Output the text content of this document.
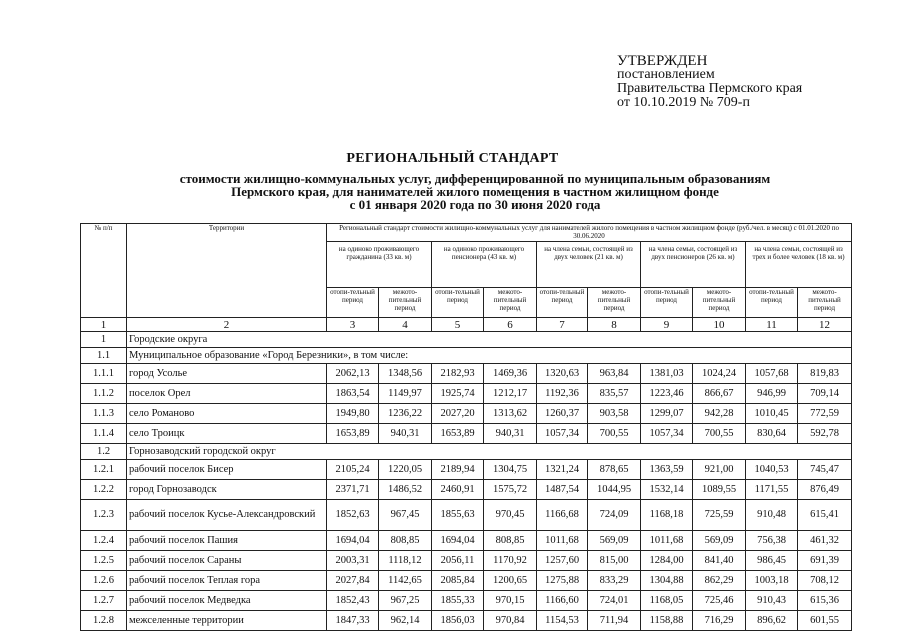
УТВЕРЖДЕН
постановлением
Правительства Пермского края
от 10.10.2019 № 709-п
РЕГИОНАЛЬНЫЙ СТАНДАРТ
стоимости жилищно-коммунальных услуг, дифференцированной по муниципальным образованиям
Пермского края, для нанимателей жилого помещения в частном жилищном фонде
с 01 января 2020 года по 30 июня 2020 года
№ п/п	Территории	Региональный стандарт стоимости жилищно-коммунальных услуг для нанимателей жилого помещения в частном жилищном фонде (руб./чел. в месяц) с 01.01.2020 по 30.06.2020									
		на одиноко проживающего гражданина (33 кв. м)		на одиноко проживающего пенсионера (43 кв. м)		на члена семьи, состоящей из двух человек (21 кв. м)		на члена семьи, состоящей из двух пенсионеров (26 кв. м)		на члена семьи, состоящей из трех и более человек (18 кв. м)	
		отопи-тельный период	межото-пительный период	отопи-тельный период	межото-пительный период	отопи-тельный период	межото-пительный период	отопи-тельный период	межото-пительный период	отопи-тельный период	межото-пительный период
1	2	3	4	5	6	7	8	9	10	11	12
1	Городские округа										
1.1	Муниципальное образование «Город Березники», в том числе:										
1.1.1	город Усолье	2062,13	1348,56	2182,93	1469,36	1320,63	963,84	1381,03	1024,24	1057,68	819,83
1.1.2	поселок Орел	1863,54	1149,97	1925,74	1212,17	1192,36	835,57	1223,46	866,67	946,99	709,14
1.1.3	село Романово	1949,80	1236,22	2027,20	1313,62	1260,37	903,58	1299,07	942,28	1010,45	772,59
1.1.4	село Троицк	1653,89	940,31	1653,89	940,31	1057,34	700,55	1057,34	700,55	830,64	592,78
1.2	Горнозаводский городской округ										
1.2.1	рабочий поселок Бисер	2105,24	1220,05	2189,94	1304,75	1321,24	878,65	1363,59	921,00	1040,53	745,47
1.2.2	город Горнозаводск	2371,71	1486,52	2460,91	1575,72	1487,54	1044,95	1532,14	1089,55	1171,55	876,49
1.2.3	рабочий поселок Кусье-Александровский	1852,63	967,45	1855,63	970,45	1166,68	724,09	1168,18	725,59	910,48	615,41
1.2.4	рабочий поселок Пашия	1694,04	808,85	1694,04	808,85	1011,68	569,09	1011,68	569,09	756,38	461,32
1.2.5	рабочий поселок Сараны	2003,31	1118,12	2056,11	1170,92	1257,60	815,00	1284,00	841,40	986,45	691,39
1.2.6	рабочий поселок Теплая гора	2027,84	1142,65	2085,84	1200,65	1275,88	833,29	1304,88	862,29	1003,18	708,12
1.2.7	рабочий поселок Медведка	1852,43	967,25	1855,33	970,15	1166,60	724,01	1168,05	725,46	910,43	615,36
1.2.8	межселенные территории	1847,33	962,14	1856,03	970,84	1154,53	711,94	1158,88	716,29	896,62	601,55
